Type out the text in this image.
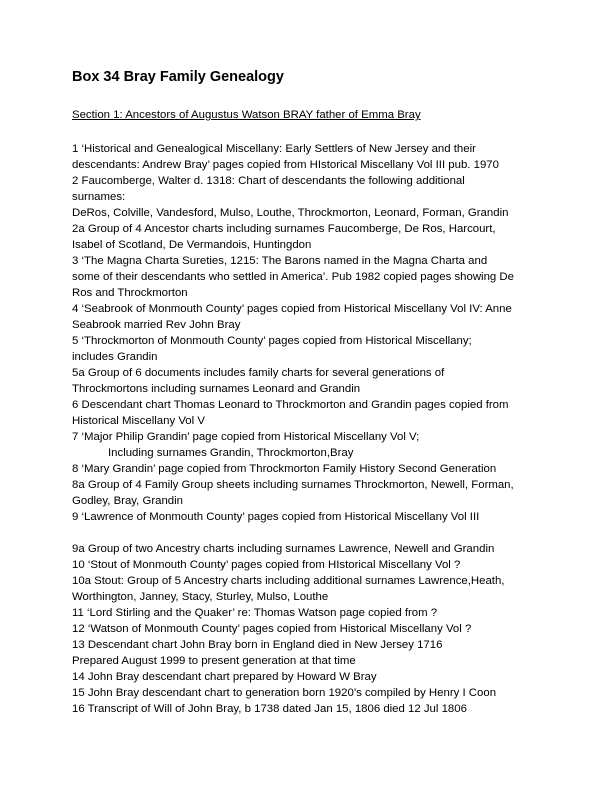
Box 34 Bray Family Genealogy

Section 1: Ancestors of Augustus Watson BRAY father of Emma Bray

1 ‘Historical and Genealogical Miscellany: Early Settlers of New Jersey and their
descendants: Andrew Bray’ pages copied from HIstorical Miscellany Vol III pub. 1970
2 Faucomberge, Walter d. 1318: Chart of descendants the following additional
surnames:
DeRos, Colville, Vandesford, Mulso, Louthe, Throckmorton, Leonard, Forman, Grandin
2a Group of 4 Ancestor charts including surnames Faucomberge, De Ros, Harcourt,
Isabel of Scotland, De Vermandois, Huntingdon
3 ‘The Magna Charta Sureties, 1215: The Barons named in the Magna Charta and
some of their descendants who settled in America’. Pub 1982 copied pages showing De
Ros and Throckmorton
4 ‘Seabrook of Monmouth County’ pages copied from Historical Miscellany Vol IV: Anne
Seabrook married Rev John Bray
5 ‘Throckmorton of Monmouth County’ pages copied from Historical Miscellany;
includes Grandin
5a Group of 6 documents includes family charts for several generations of
Throckmortons including surnames Leonard and Grandin
6 Descendant chart Thomas Leonard to Throckmorton and Grandin pages copied from
Historical Miscellany Vol V
7 ‘Major Philip Grandin’ page copied from Historical Miscellany Vol V;
Including surnames Grandin, Throckmorton,Bray
8 ‘Mary Grandin’ page copied from Throckmorton Family History Second Generation
8a Group of 4 Family Group sheets including surnames Throckmorton, Newell, Forman,
Godley, Bray, Grandin
9 ‘Lawrence of Monmouth County’ pages copied from Historical Miscellany Vol III
9a Group of two Ancestry charts including surnames Lawrence, Newell and Grandin
10 ‘Stout of Monmouth County’ pages copied from HIstorical Miscellany Vol ?
10a Stout: Group of 5 Ancestry charts including additional surnames Lawrence,Heath,
Worthington, Janney, Stacy, Sturley, Mulso, Louthe
11 ‘Lord Stirling and the Quaker’ re: Thomas Watson page copied from ?
12 ‘Watson of Monmouth County’ pages copied from Historical Miscellany Vol ?
13 Descendant chart John Bray born in England died in New Jersey 1716
Prepared August 1999 to present generation at that time
14 John Bray descendant chart prepared by Howard W Bray
15 John Bray descendant chart to generation born 1920’s compiled by Henry I Coon
16 Transcript of Will of John Bray, b 1738 dated Jan 15, 1806 died 12 Jul 1806
